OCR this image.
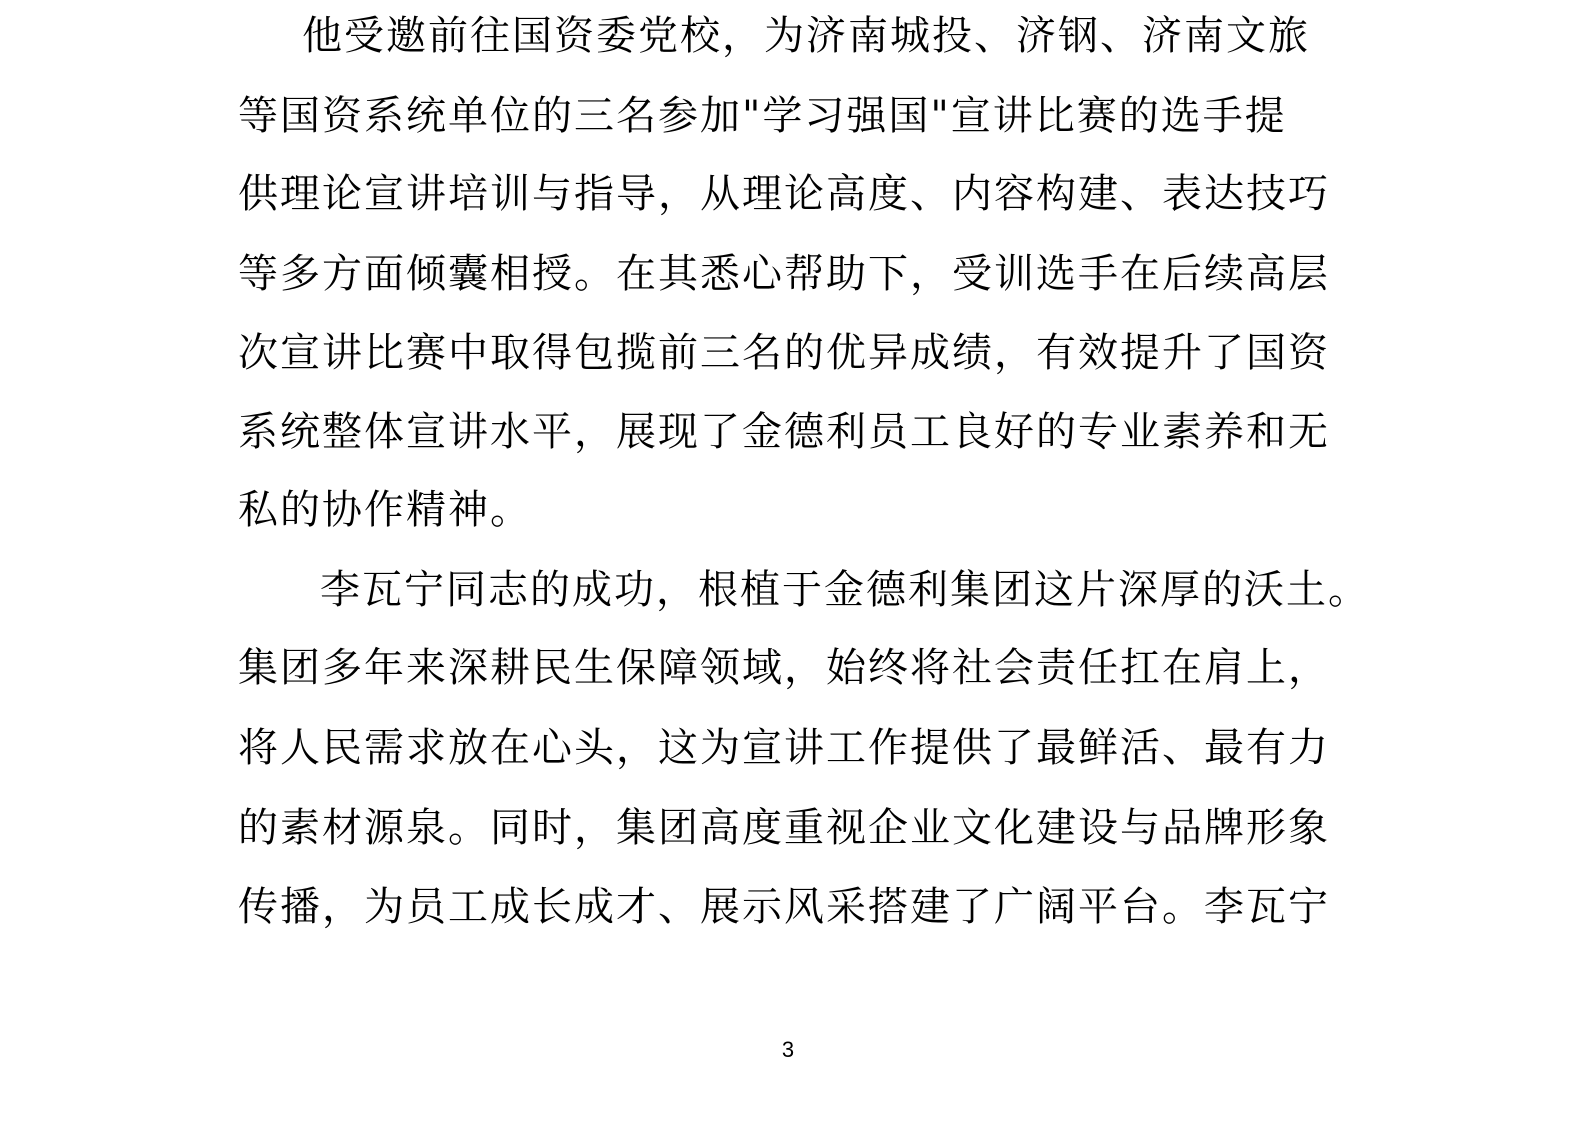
他受邀前往国资委党校，为济南城投、济钢、济南文旅
等国资系统单位的三名参加"学习强国"宣讲比赛的选手提
供理论宣讲培训与指导，从理论高度、内容构建、表达技巧
等多方面倾囊相授。在其悉心帮助下，受训选手在后续高层
次宣讲比赛中取得包揽前三名的优异成绩，有效提升了国资
系统整体宣讲水平，展现了金德利员工良好的专业素养和无
私的协作精神。
李瓦宁同志的成功，根植于金德利集团这片深厚的沃土。
集团多年来深耕民生保障领域，始终将社会责任扛在肩上，
将人民需求放在心头，这为宣讲工作提供了最鲜活、最有力
的素材源泉。同时，集团高度重视企业文化建设与品牌形象
传播，为员工成长成才、展示风采搭建了广阔平台。李瓦宁
3
